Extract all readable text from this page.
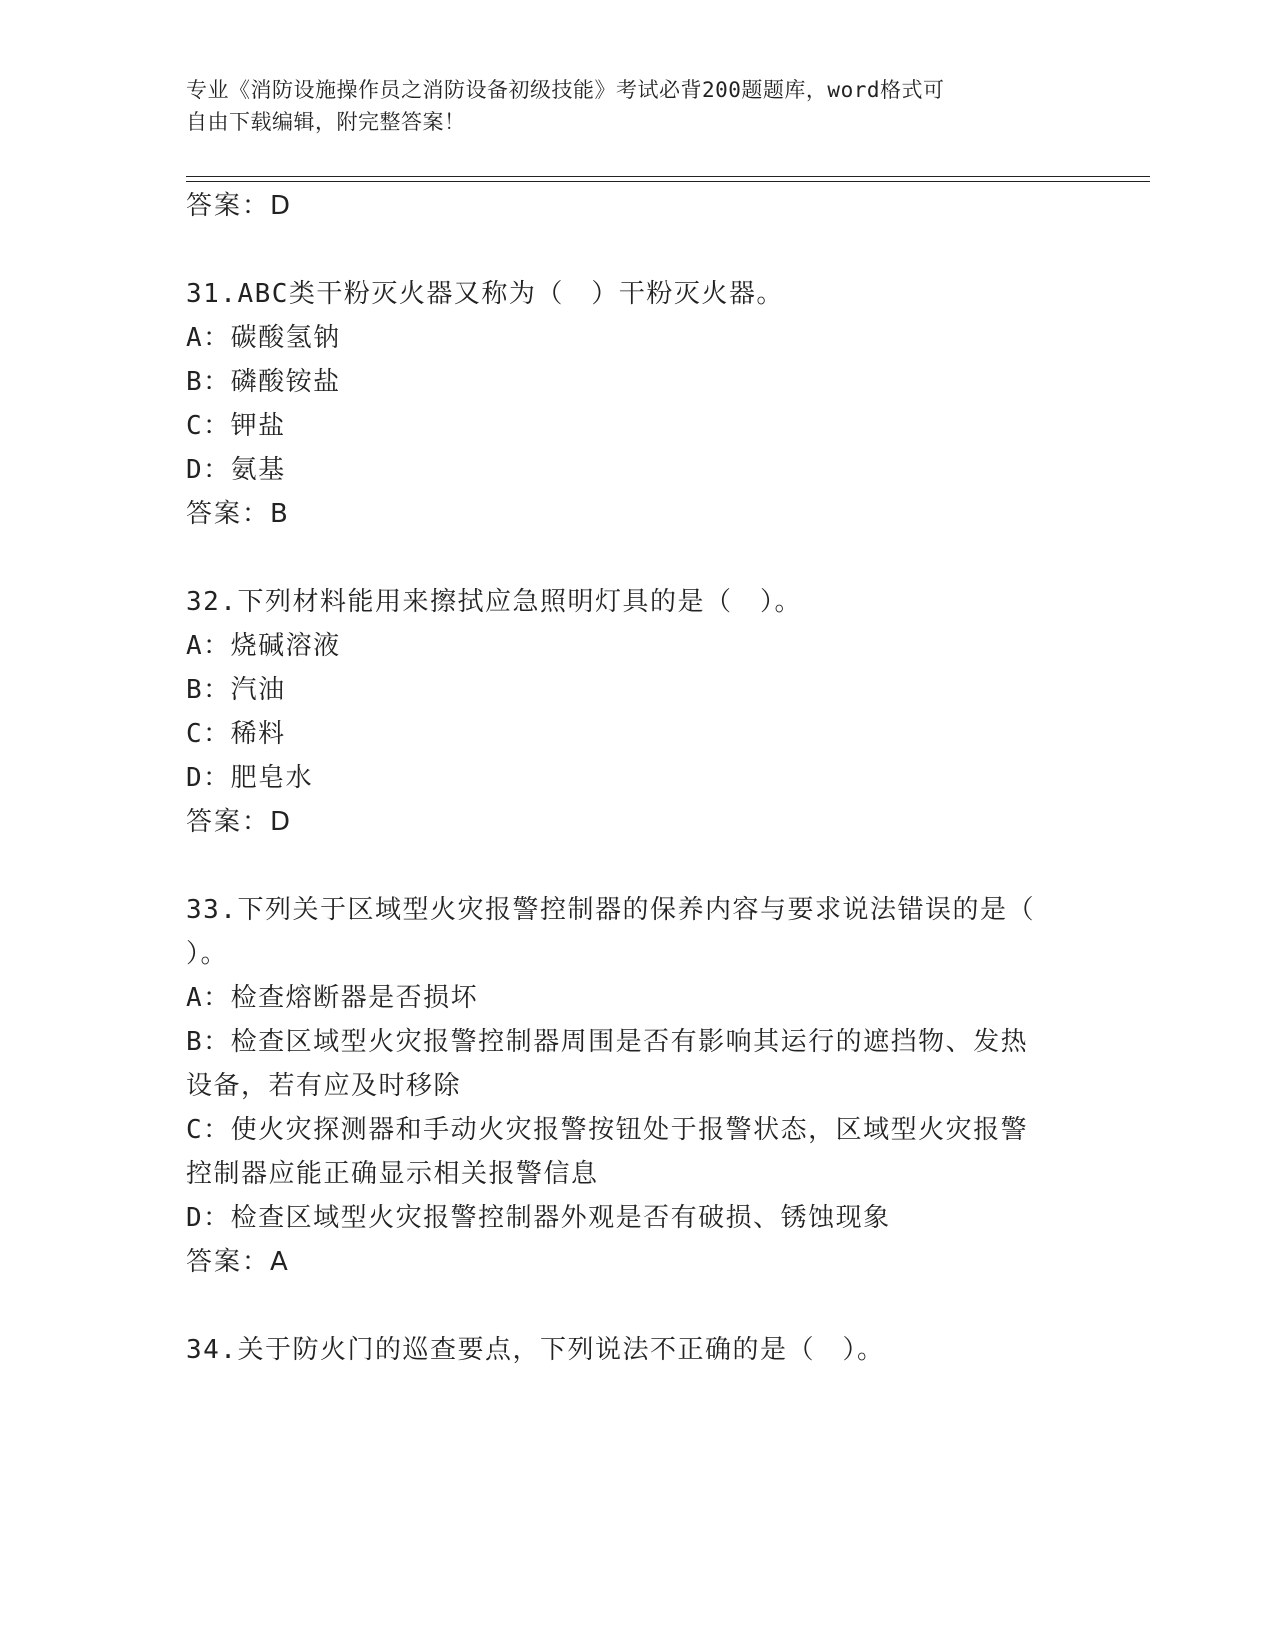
专业《消防设施操作员之消防设备初级技能》考试必背200题题库，word格式可
自由下载编辑，附完整答案！
答案：D
31.ABC类干粉灭火器又称为（　）干粉灭火器。
A：碳酸氢钠
B：磷酸铵盐
C：钾盐
D：氨基
答案：B
32.下列材料能用来擦拭应急照明灯具的是（　）。
A：烧碱溶液
B：汽油
C：稀料
D：肥皂水
答案：D
33.下列关于区域型火灾报警控制器的保养内容与要求说法错误的是（
）。
A：检查熔断器是否损坏
B：检查区域型火灾报警控制器周围是否有影响其运行的遮挡物、发热
设备，若有应及时移除
C：使火灾探测器和手动火灾报警按钮处于报警状态，区域型火灾报警
控制器应能正确显示相关报警信息
D：检查区域型火灾报警控制器外观是否有破损、锈蚀现象
答案：A
34.关于防火门的巡查要点，下列说法不正确的是（　）。
